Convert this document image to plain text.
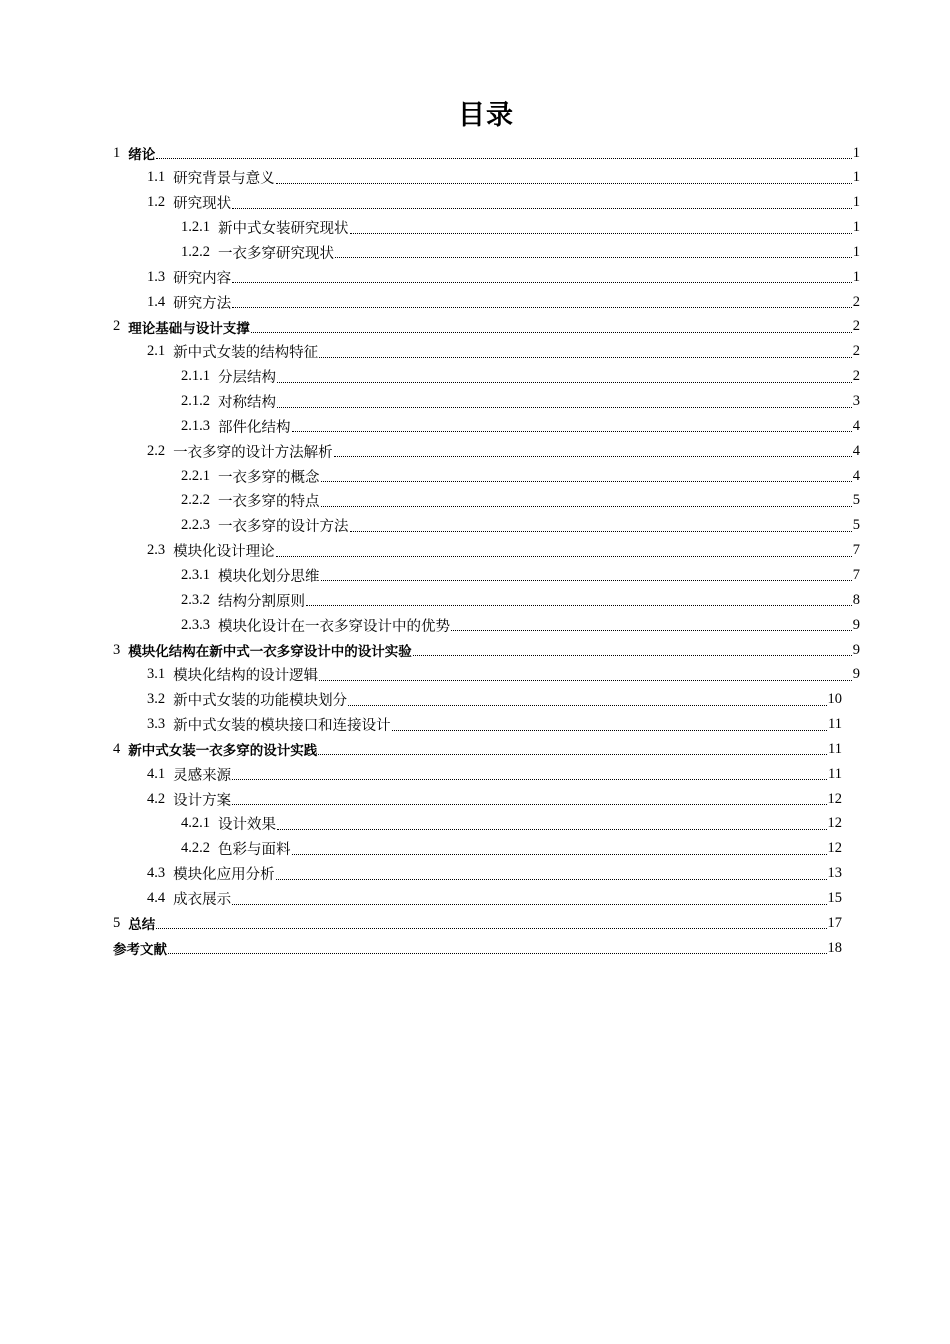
目录
1 绪论	1
1.1 研究背景与意义	1
1.2 研究现状	1
1.2.1 新中式女装研究现状	1
1.2.2 一衣多穿研究现状	1
1.3 研究内容	1
1.4 研究方法	2
2 理论基础与设计支撑	2
2.1 新中式女装的结构特征	2
2.1.1 分层结构	2
2.1.2 对称结构	3
2.1.3 部件化结构	4
2.2 一衣多穿的设计方法解析	4
2.2.1 一衣多穿的概念	4
2.2.2 一衣多穿的特点	5
2.2.3 一衣多穿的设计方法	5
2.3 模块化设计理论	7
2.3.1 模块化划分思维	7
2.3.2 结构分割原则	8
2.3.3 模块化设计在一衣多穿设计中的优势	9
3 模块化结构在新中式一衣多穿设计中的设计实验	9
3.1 模块化结构的设计逻辑	9
3.2 新中式女装的功能模块划分	10
3.3 新中式女装的模块接口和连接设计	11
4 新中式女装一衣多穿的设计实践	11
4.1 灵感来源	11
4.2 设计方案	12
4.2.1 设计效果	12
4.2.2 色彩与面料	12
4.3 模块化应用分析	13
4.4 成衣展示	15
5 总结	17
参考文献	18
